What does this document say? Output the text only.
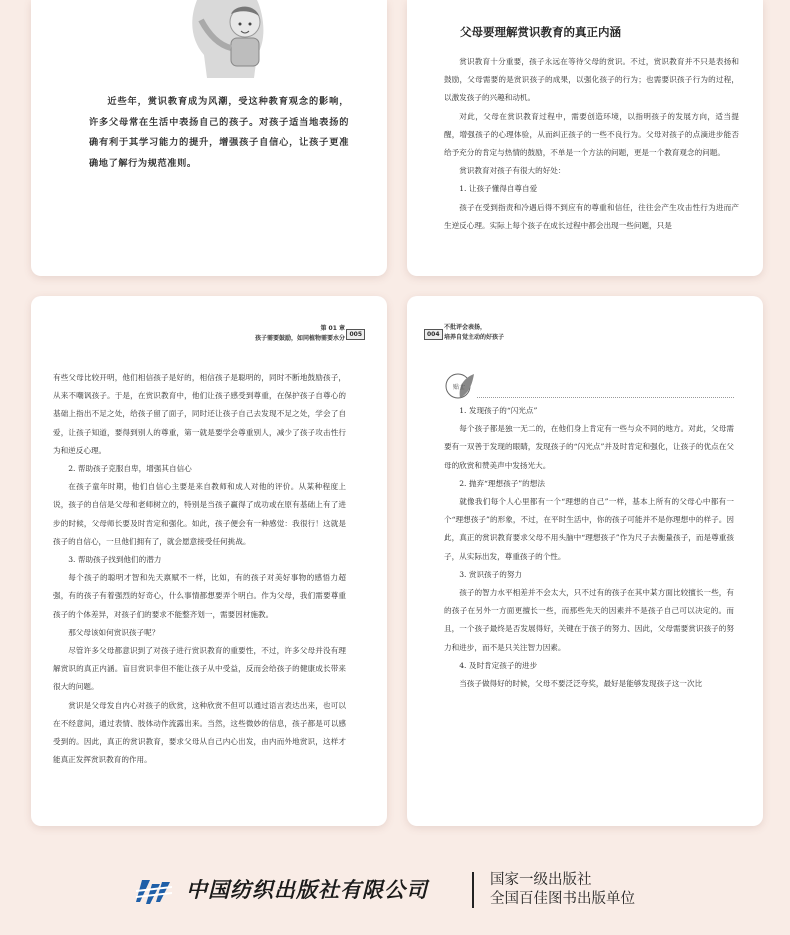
近些年，赏识教育成为风潮，受这种教育观念的影响，许多父母常在生活中表扬自己的孩子。对孩子适当地表扬的确有利于其学习能力的提升，增强孩子自信心，让孩子更准确地了解行为规范准则。

父母要理解赏识教育的真正内涵

赏识教育十分重要，孩子永远在等待父母的赏识。不过，赏识教育并不只是表扬和鼓励，父母需要的是赏识孩子的成果，以强化孩子的行为；也需要识孩子行为的过程，以激发孩子的兴趣和动机。

对此，父母在赏识教育过程中，需要创造环境，以指明孩子的发展方向，适当提醒，增强孩子的心理体验，从而纠正孩子的一些不良行为。父母对孩子的点滴进步能否给予充分的肯定与热情的鼓励，不单是一个方法的问题，更是一个教育观念的问题。

赏识教育对孩子有很大的好处：

1. 让孩子懂得自尊自爱

孩子在受到指责和冷遇后得不到应有的尊重和信任，往往会产生攻击性行为进而产生逆反心理。实际上每个孩子在成长过程中都会出现一些问题，只是

第 01 章
孩子需要鼓励，如同植物需要水分
005

有些父母比较开明，他们相信孩子是好的，相信孩子是聪明的，同时不断地鼓励孩子，从来不嘲讽孩子。于是，在赏识教育中，他们让孩子感受到尊重，在保护孩子自尊心的基础上指出不足之处，给孩子留了面子，同时还让孩子自己去发现不足之处，学会了自爱，让孩子知道，要得到别人的尊重，第一就是要学会尊重别人，减少了孩子攻击性行为和逆反心理。

2. 帮助孩子克服自卑，增强其自信心

在孩子童年时期，他们自信心主要是来自教师和成人对他的评价。从某种程度上说，孩子的自信是父母和老师树立的，特别是当孩子赢得了成功或在原有基础上有了进步的时候，父母师长要及时肯定和强化。如此，孩子便会有一种感觉：我很行！这就是孩子的自信心，一旦他们拥有了，就会愿意接受任何挑战。

3. 帮助孩子找到他们的潜力

每个孩子的聪明才智和先天禀赋不一样，比如，有的孩子对美好事物的感悟力超强，有的孩子有着强烈的好奇心，什么事情都想要弄个明白。作为父母，我们需要尊重孩子的个体差异，对孩子们的要求不能整齐划一，需要因材施教。

那父母该如何赏识孩子呢？

尽管许多父母都意识到了对孩子进行赏识教育的重要性，不过，许多父母并没有理解赏识的真正内涵。盲目赏识非但不能让孩子从中受益，反而会给孩子的健康成长带来很大的问题。

赏识是父母发自内心对孩子的欣赏，这种欣赏不但可以通过语言表达出来，也可以在不经意间，通过表情、肢体动作流露出来。当然，这些微妙的信息，孩子都是可以感受到的。因此，真正的赏识教育，要求父母从自己内心出发，由内而外地赏识，这样才能真正发挥赏识教育的作用。

004
不批评会表扬，
培养自觉主动的好孩子
贴士

1. 发现孩子的“闪光点”

每个孩子都是独一无二的，在他们身上肯定有一些与众不同的地方。对此，父母需要有一双善于发现的眼睛，发现孩子的“闪光点”并及时肯定和强化，让孩子的优点在父母的欣赏和赞美声中发扬光大。

2. 抛弃“理想孩子”的想法

就像我们每个人心里都有一个“理想的自己”一样，基本上所有的父母心中都有一个“理想孩子”的形象，不过，在平时生活中，你的孩子可能并不是你理想中的样子。因此，真正的赏识教育要求父母不用头脑中“理想孩子”作为尺子去衡量孩子，而是尊重孩子，从实际出发，尊重孩子的个性。

3. 赏识孩子的努力

孩子的智力水平相差并不会太大，只不过有的孩子在其中某方面比较擅长一些，有的孩子在另外一方面更擅长一些，而那些先天的因素并不是孩子自己可以决定的。而且，一个孩子最终是否发展得好，关键在于孩子的努力、因此，父母需要赏识孩子的努力和进步，而不是只关注智力因素。

4. 及时肯定孩子的进步

当孩子做得好的时候，父母不要泛泛夸奖，最好是能够发现孩子这一次比

中国纺织出版社有限公司	国家一级出版社
全国百佳图书出版单位
